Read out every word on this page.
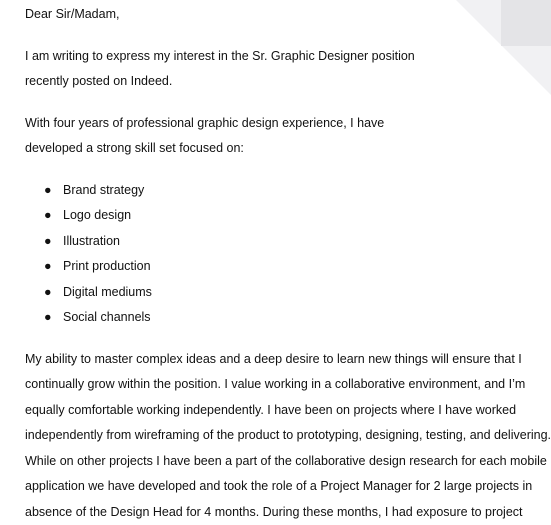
Dear Sir/Madam,
I am writing to express my interest in the Sr. Graphic Designer position
recently posted on Indeed.
With four years of professional graphic design experience, I have
developed a strong skill set focused on:
● Brand strategy
● Logo design
● Illustration
● Print production
● Digital mediums
● Social channels
My ability to master complex ideas and a deep desire to learn new things will ensure that I
continually grow within the position. I value working in a collaborative environment, and I’m
equally comfortable working independently. I have been on projects where I have worked
independently from wireframing of the product to prototyping, designing, testing, and delivering.
While on other projects I have been a part of the collaborative design research for each mobile
application we have developed and took the role of a Project Manager for 2 large projects in
absence of the Design Head for 4 months. During these months, I had exposure to project
